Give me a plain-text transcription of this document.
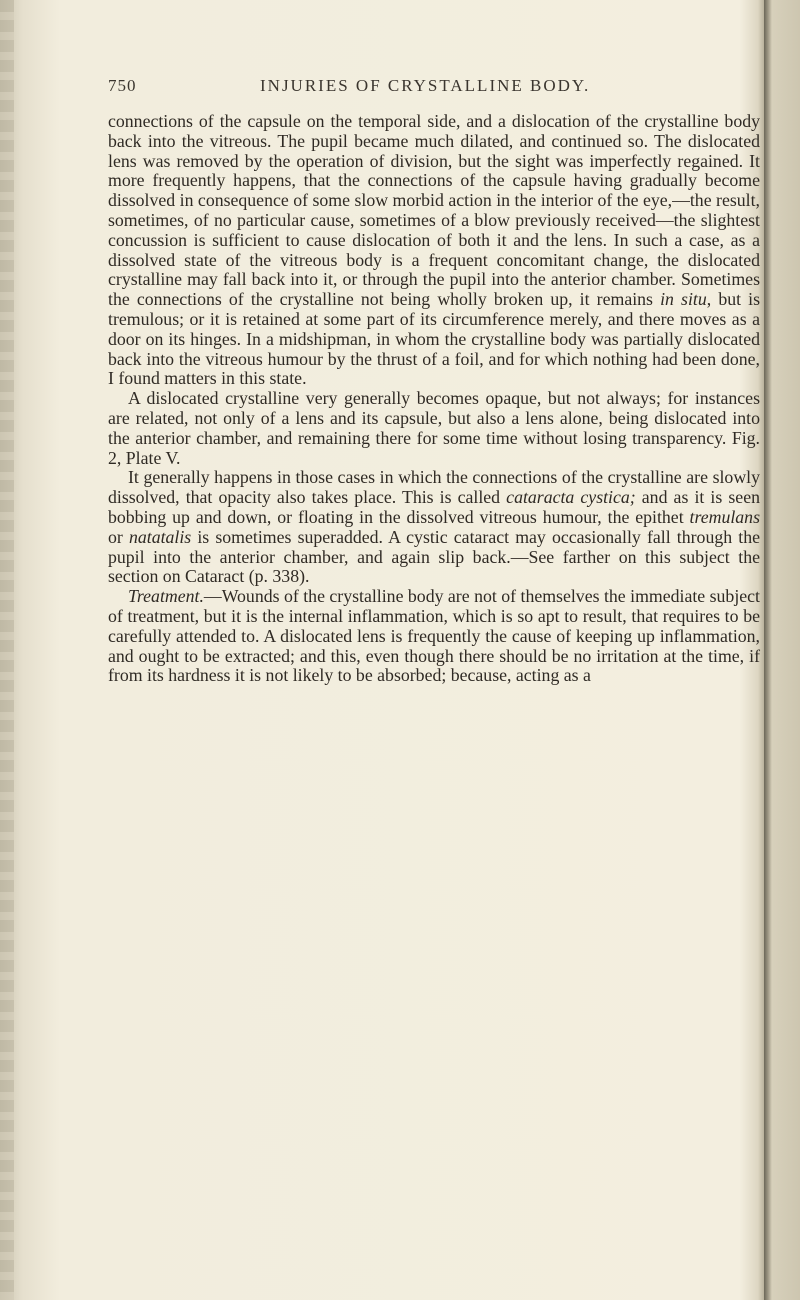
750	INJURIES OF CRYSTALLINE BODY.

connections of the capsule on the temporal side, and a dislocation of the crystalline body back into the vitreous. The pupil became much dilated, and continued so. The dislocated lens was removed by the operation of division, but the sight was imperfectly regained. It more frequently happens, that the connections of the capsule having gradually become dissolved in consequence of some slow morbid action in the interior of the eye,—the result, sometimes, of no particular cause, sometimes of a blow previously received—the slightest concussion is sufficient to cause dislocation of both it and the lens. In such a case, as a dissolved state of the vitreous body is a frequent concomitant change, the dislocated crystalline may fall back into it, or through the pupil into the anterior chamber. Sometimes the connections of the crystalline not being wholly broken up, it remains in situ, but is tremulous; or it is retained at some part of its circumference merely, and there moves as a door on its hinges. In a midshipman, in whom the crystalline body was partially dislocated back into the vitreous humour by the thrust of a foil, and for which nothing had been done, I found matters in this state.

A dislocated crystalline very generally becomes opaque, but not always; for instances are related, not only of a lens and its capsule, but also a lens alone, being dislocated into the anterior chamber, and remaining there for some time without losing transparency. Fig. 2, Plate V.

It generally happens in those cases in which the connections of the crystalline are slowly dissolved, that opacity also takes place. This is called cataracta cystica; and as it is seen bobbing up and down, or floating in the dissolved vitreous humour, the epithet tremulans or natatalis is sometimes superadded. A cystic cataract may occasionally fall through the pupil into the anterior chamber, and again slip back.—See farther on this subject the section on Cataract (p. 338).

Treatment.—Wounds of the crystalline body are not of themselves the immediate subject of treatment, but it is the internal inflammation, which is so apt to result, that requires to be carefully attended to. A dislocated lens is frequently the cause of keeping up inflammation, and ought to be extracted; and this, even though there should be no irritation at the time, if from its hardness it is not likely to be absorbed; because, acting as a
